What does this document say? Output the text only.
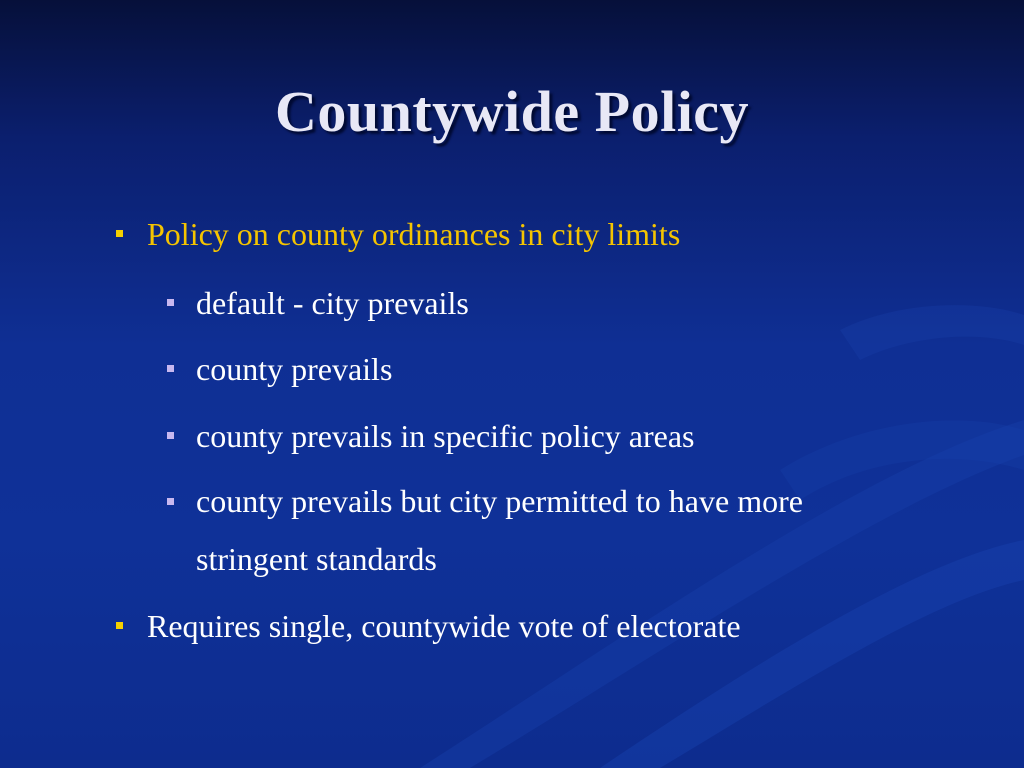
Countywide Policy
Policy on county ordinances in city limits
default - city prevails
county prevails
county prevails in specific policy areas
county prevails but city permitted to have more stringent standards
Requires single, countywide vote of electorate
